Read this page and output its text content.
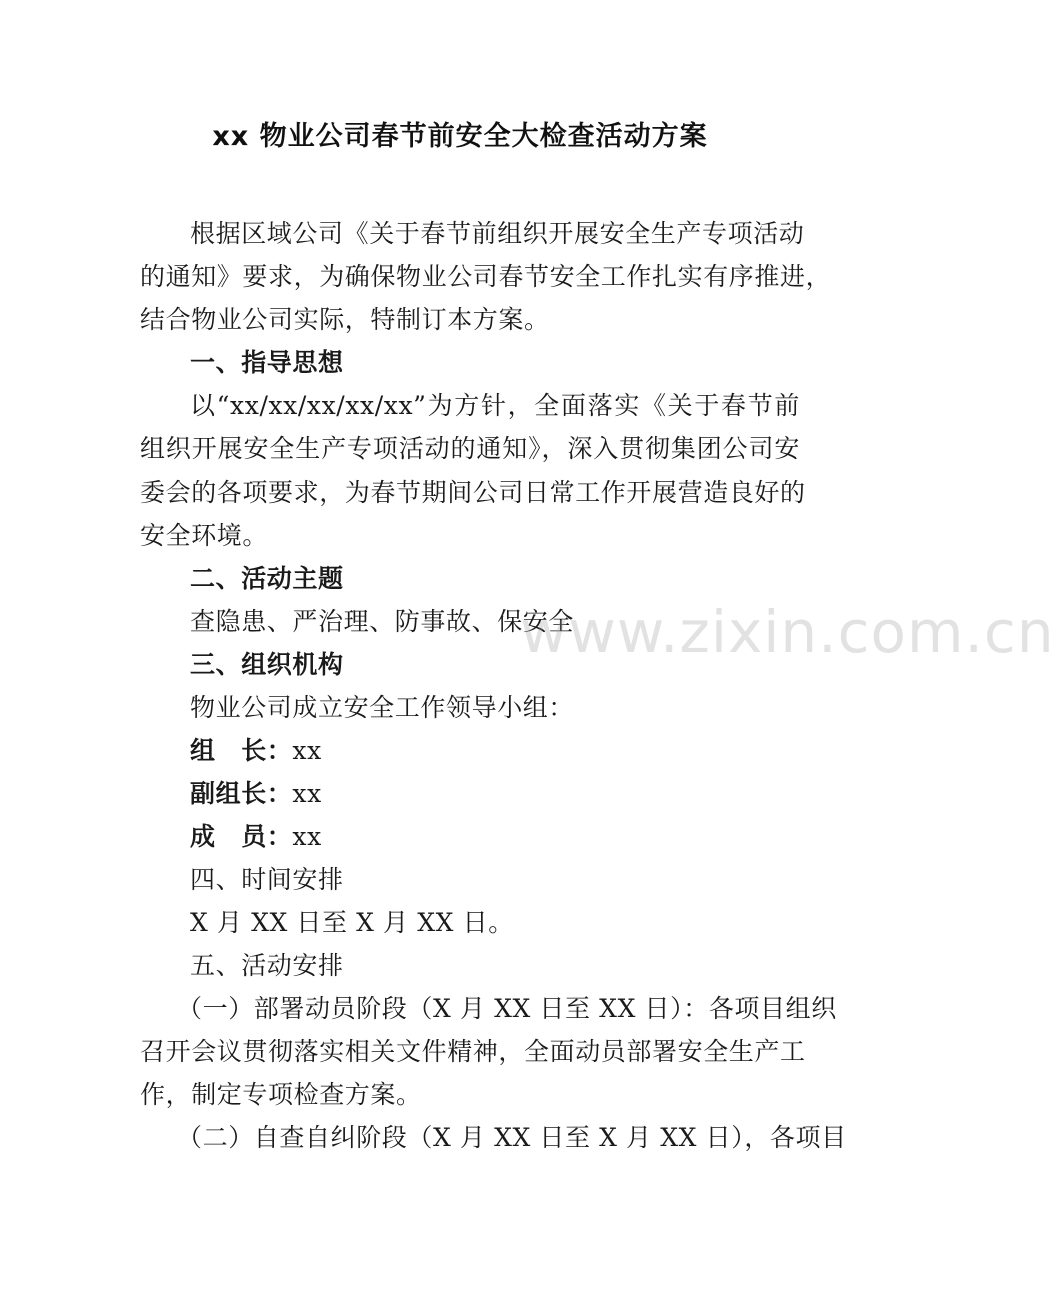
xx 物业公司春节前安全大检查活动方案
根据区域公司《关于春节前组织开展安全生产专项活动
的通知》要求，为确保物业公司春节安全工作扎实有序推进，
结合物业公司实际，特制订本方案。
一、指导思想
以“xx/xx/xx/xx/xx”为方针，全面落实《关于春节前
组织开展安全生产专项活动的通知》，深入贯彻集团公司安
委会的各项要求，为春节期间公司日常工作开展营造良好的
安全环境。
二、活动主题
查隐患、严治理、防事故、保安全
三、组织机构
物业公司成立安全工作领导小组：
组　长：xx
副组长：xx
成　员：xx
四、时间安排
X 月 XX 日至 X 月 XX 日。
五、活动安排
（一）部署动员阶段（X 月 XX 日至 XX 日）：各项目组织
召开会议贯彻落实相关文件精神，全面动员部署安全生产工
作，制定专项检查方案。
（二）自查自纠阶段（X 月 XX 日至 X 月 XX 日），各项目
www.zixin.com.cn
